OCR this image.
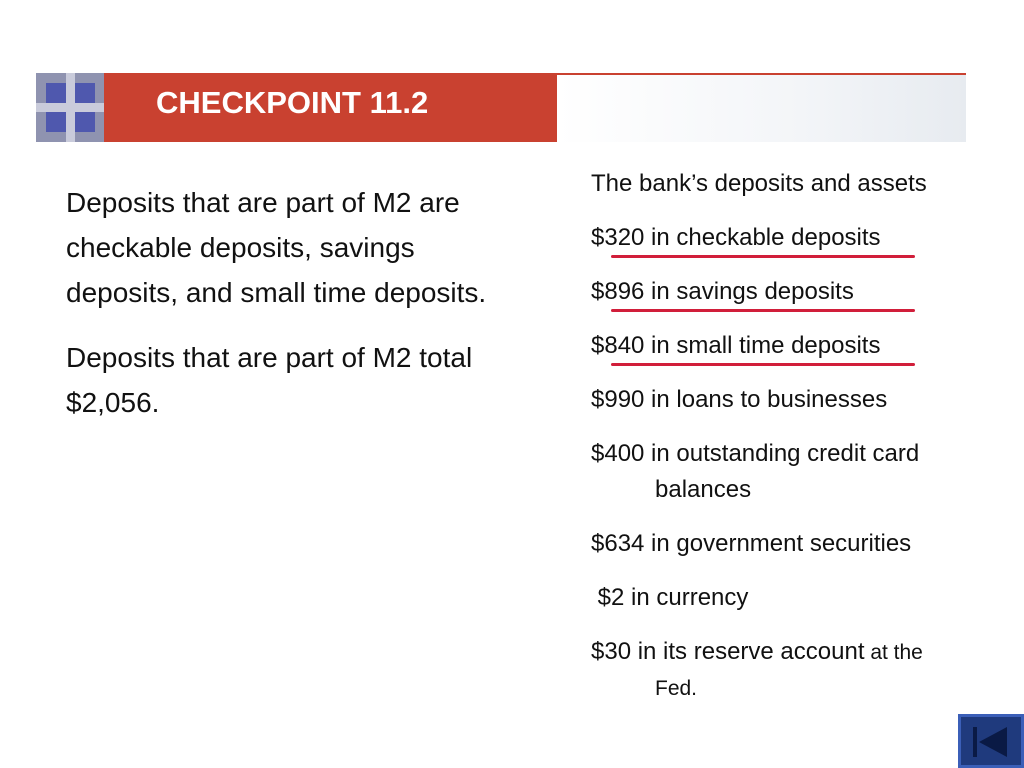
CHECKPOINT 11.2

Deposits that are part of M2 are checkable deposits, savings deposits, and small time deposits.

Deposits that are part of M2 total $2,056.

The bank’s deposits and assets
$320 in checkable deposits
$896 in savings deposits
$840 in small time deposits
$990 in loans to businesses
$400 in outstanding credit card
balances
$634 in government securities
$2 in currency
$30 in its reserve account at the
Fed.
